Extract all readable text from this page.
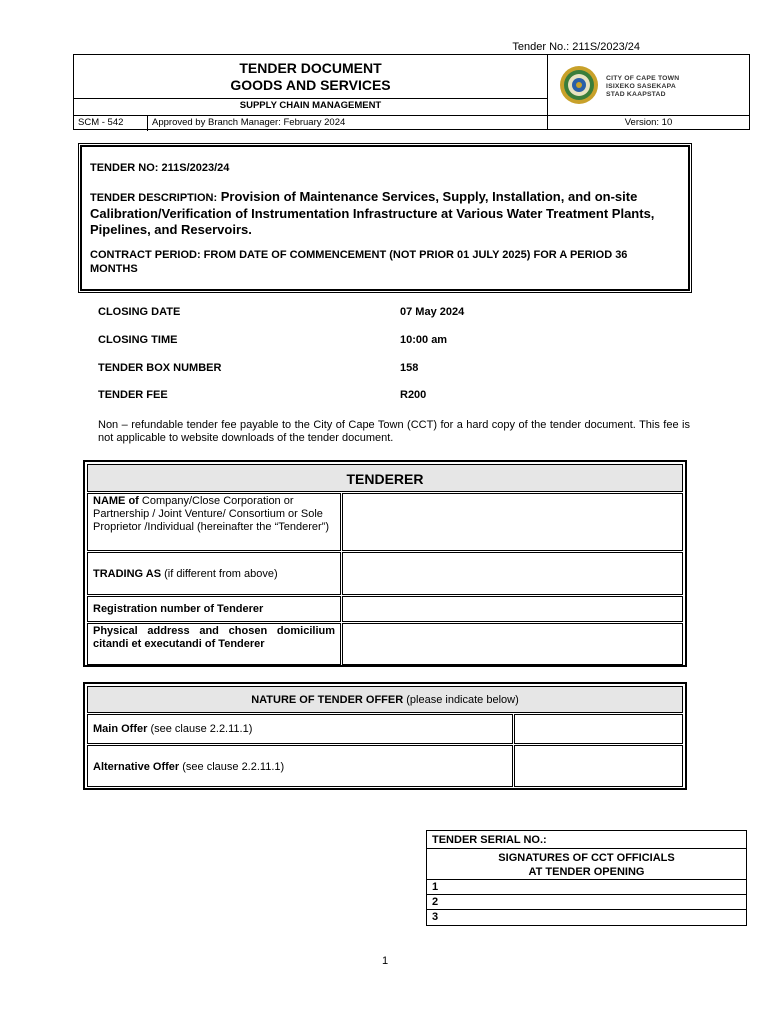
Tender No.: 211S/2023/24
TENDER DOCUMENT
GOODS AND SERVICES
SUPPLY CHAIN MANAGEMENT
SCM - 542	Approved by Branch Manager: February 2024	Version: 10
CITY OF CAPE TOWN
ISIXEKO SASEKAPA
STAD KAAPSTAD

TENDER NO: 211S/2023/24

TENDER DESCRIPTION: Provision of Maintenance Services, Supply, Installation, and on-site Calibration/Verification of Instrumentation Infrastructure at Various Water Treatment Plants, Pipelines, and Reservoirs.

CONTRACT PERIOD: FROM DATE OF COMMENCEMENT (NOT PRIOR 01 JULY 2025) FOR A PERIOD 36 MONTHS

CLOSING DATE	07 May 2024
CLOSING TIME	10:00 am
TENDER BOX NUMBER	158
TENDER FEE	R200
Non – refundable tender fee payable to the City of Cape Town (CCT) for a hard copy of the tender document. This fee is not applicable to website downloads of the tender document.
TENDERER
NAME of Company/Close Corporation or Partnership / Joint Venture/ Consortium or Sole Proprietor /Individual (hereinafter the “Tenderer”)
TRADING AS (if different from above)
Registration number of Tenderer
Physical address and chosen domicilium citandi et executandi of Tenderer
NATURE OF TENDER OFFER (please indicate below)
Main Offer (see clause 2.2.11.1)
Alternative Offer (see clause 2.2.11.1)
TENDER SERIAL NO.:
SIGNATURES OF CCT OFFICIALS
AT TENDER OPENING
1
2
3
1
